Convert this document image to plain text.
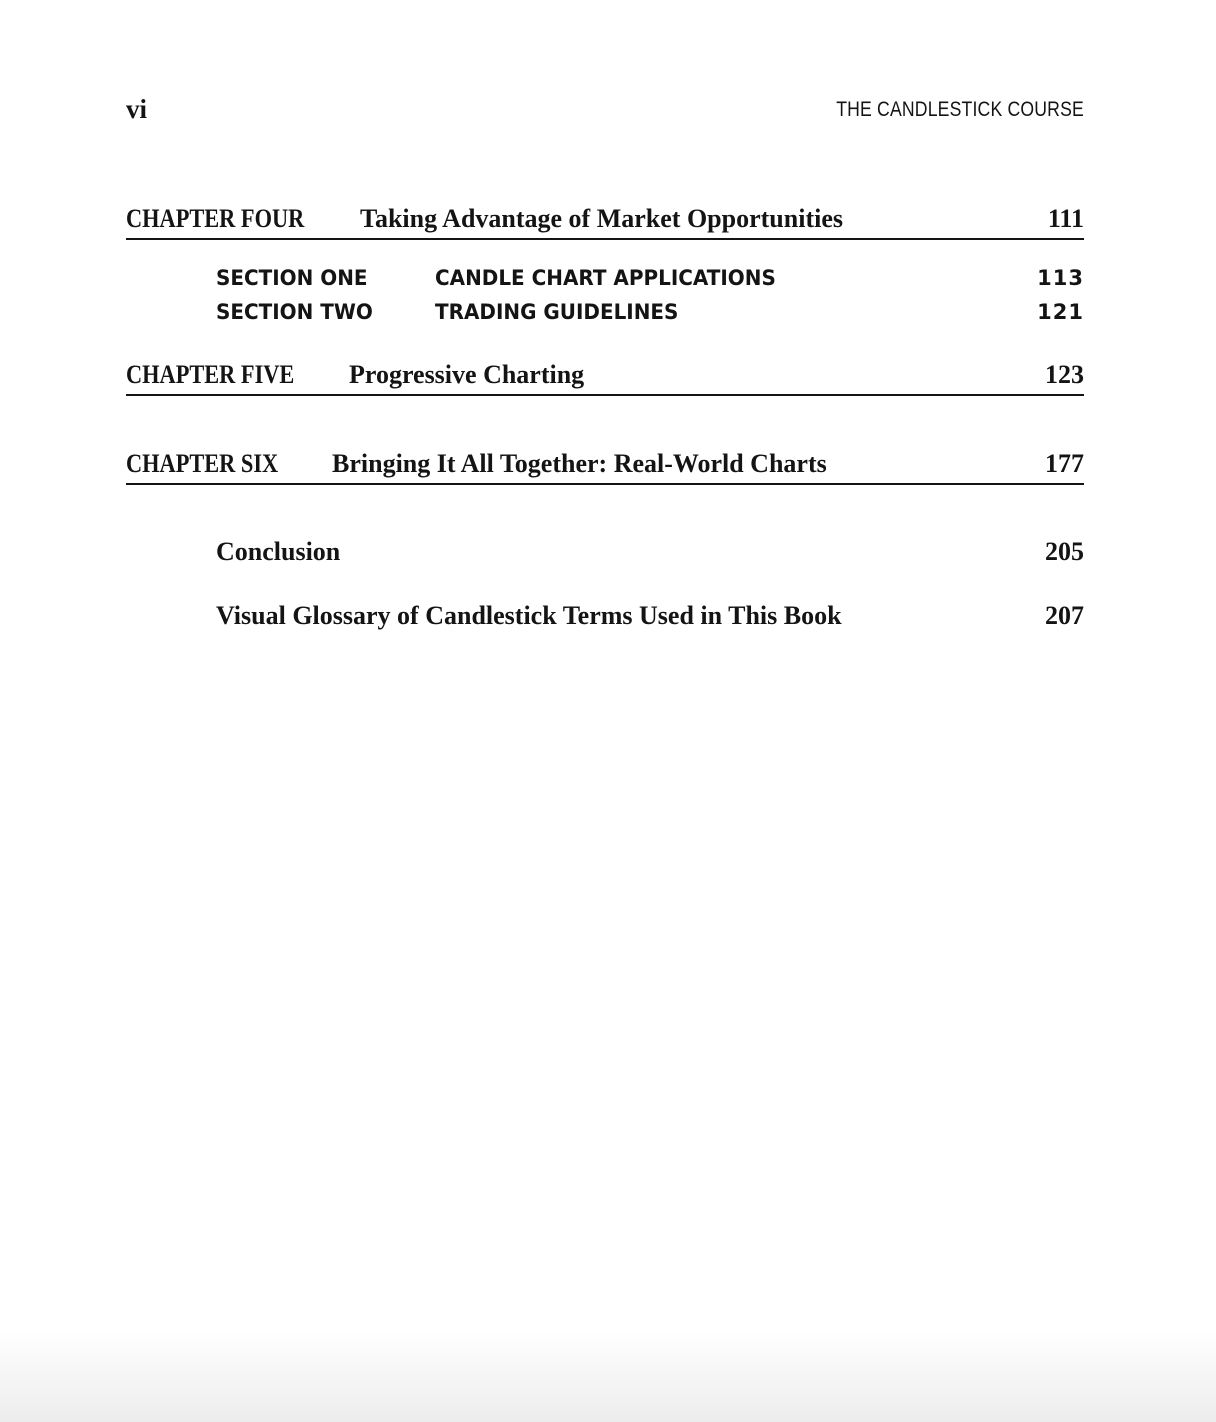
vi	THE CANDLESTICK COURSE
CHAPTER FOUR Taking Advantage of Market Opportunities	111
SECTION ONE	CANDLE CHART APPLICATIONS	113
SECTION TWO	TRADING GUIDELINES	121
CHAPTER FIVE Progressive Charting	123
CHAPTER SIX Bringing It All Together: Real-World Charts	177
Conclusion	205
Visual Glossary of Candlestick Terms Used in This Book	207
